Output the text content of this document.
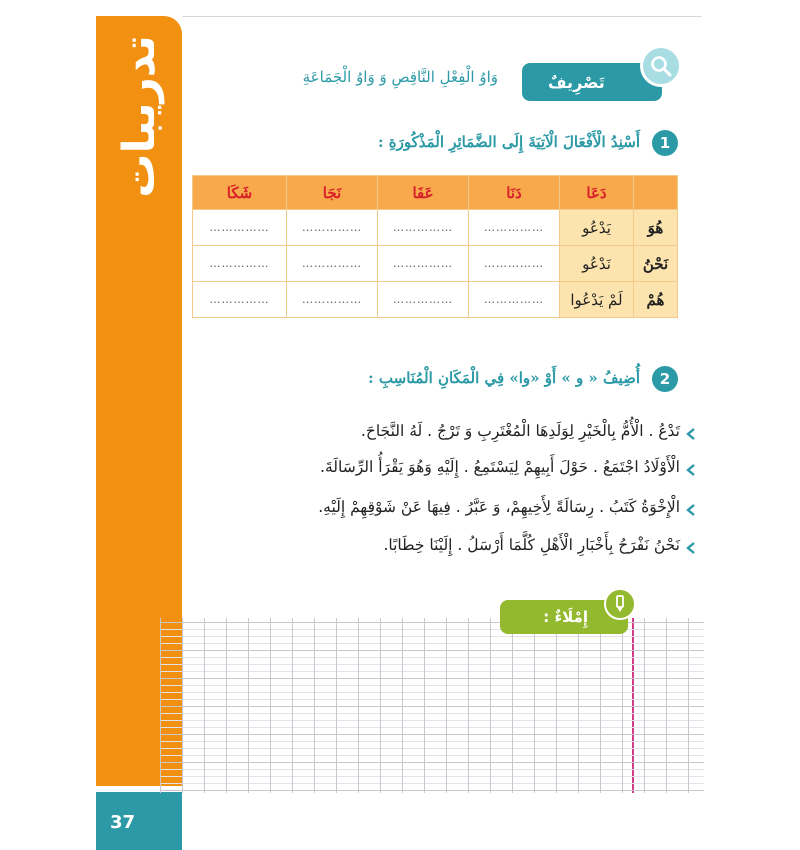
تدريبات
37
تَصْرِيفٌ
وَاوُ الْفِعْلِ النَّاقِصِ وَ وَاوُ الْجَمَاعَةِ
1
أَسْنِدُ الْأَفْعَالَ الْآتِيَةَ إِلَى الضَّمَائِرِ الْمَذْكُورَةِ :
	دَعَا	دَنَا	عَفَا	نَجَا	شَكَا
هُوَ	يَدْعُو	……………	……………	……………	……………
نَحْنُ	نَدْعُو	……………	……………	……………	……………
هُمْ	لَمْ يَدْعُوا	……………	……………	……………	……………
2
أُضِيفُ « و » أَوْ «وا» فِي الْمَكَانِ الْمُنَاسِبِ :
تَدْعُ . الْأُمُّ بِالْخَيْرِ لِوَلَدِهَا الْمُغْتَرِبِ وَ تَرْجُ . لَهُ النَّجَاحَ.
الْأَوْلَادُ اجْتَمَعُ . حَوْلَ أَبِيهِمْ لِيَسْتَمِعُ . إِلَيْهِ وَهُوَ يَقْرَأُ الرِّسَالَةَ.
الْإِخْوَةُ كَتَبُ . رِسَالَةً لِأَخِيهِمْ، وَ عَبَّرُ . فِيهَا عَنْ شَوْقِهِمْ إِلَيْهِ.
نَحْنُ نَفْرَحُ بِأَخْبَارِ الْأَهْلِ كُلَّمَا أَرْسَلُ . إِلَيْنَا خِطَابًا.
إِمْلَاءٌ :
